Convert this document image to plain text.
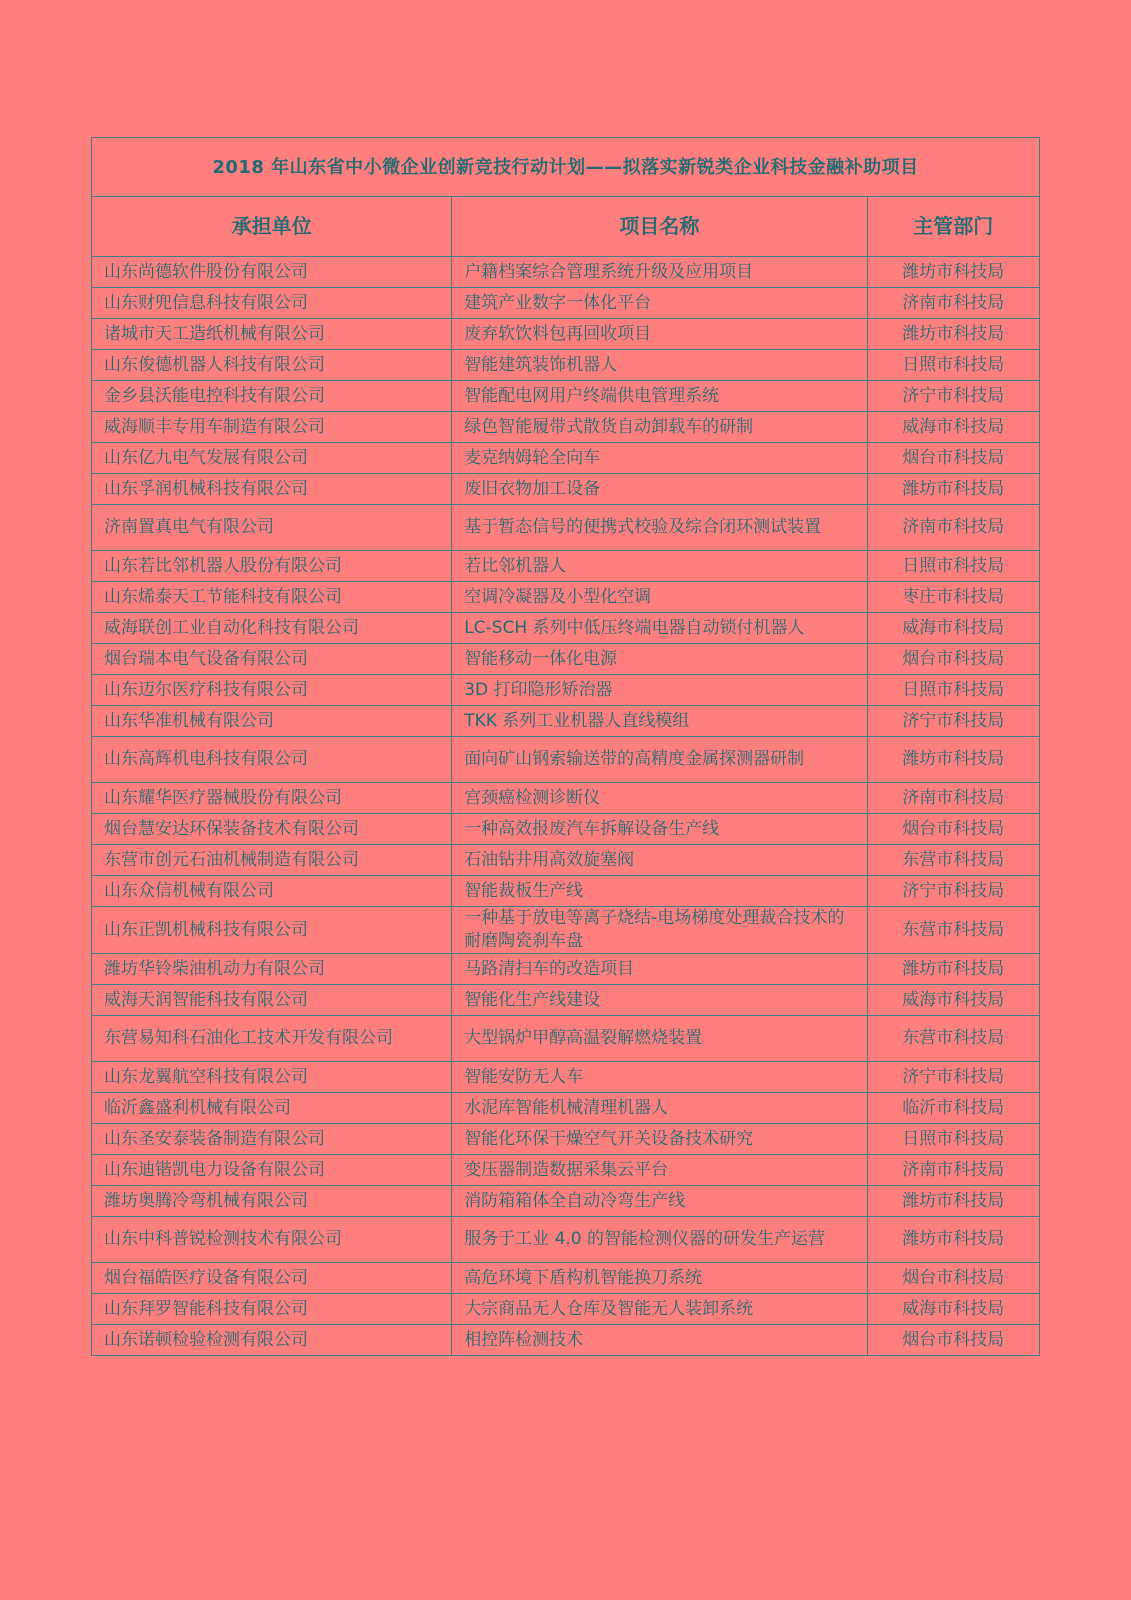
2018 年山东省中小微企业创新竞技行动计划——拟落实新锐类企业科技金融补助项目		
承担单位	项目名称	主管部门
山东尚德软件股份有限公司	户籍档案综合管理系统升级及应用项目	潍坊市科技局
山东财兜信息科技有限公司	建筑产业数字一体化平台	济南市科技局
诸城市天工造纸机械有限公司	废弃软饮料包再回收项目	潍坊市科技局
山东俊德机器人科技有限公司	智能建筑装饰机器人	日照市科技局
金乡县沃能电控科技有限公司	智能配电网用户终端供电管理系统	济宁市科技局
威海顺丰专用车制造有限公司	绿色智能履带式散货自动卸载车的研制	威海市科技局
山东亿九电气发展有限公司	麦克纳姆轮全向车	烟台市科技局
山东孚润机械科技有限公司	废旧衣物加工设备	潍坊市科技局
济南置真电气有限公司	基于暂态信号的便携式校验及综合闭环测试装置	济南市科技局
山东若比邻机器人股份有限公司	若比邻机器人	日照市科技局
山东烯泰天工节能科技有限公司	空调冷凝器及小型化空调	枣庄市科技局
威海联创工业自动化科技有限公司	LC-SCH 系列中低压终端电器自动锁付机器人	威海市科技局
烟台瑞本电气设备有限公司	智能移动一体化电源	烟台市科技局
山东迈尔医疗科技有限公司	3D 打印隐形矫治器	日照市科技局
山东华准机械有限公司	TKK 系列工业机器人直线模组	济宁市科技局
山东高辉机电科技有限公司	面向矿山钢索输送带的高精度金属探测器研制	潍坊市科技局
山东耀华医疗器械股份有限公司	宫颈癌检测诊断仪	济南市科技局
烟台慧安达环保装备技术有限公司	一种高效报废汽车拆解设备生产线	烟台市科技局
东营市创元石油机械制造有限公司	石油钻井用高效旋塞阀	东营市科技局
山东众信机械有限公司	智能裁板生产线	济宁市科技局
山东正凯机械科技有限公司	一种基于放电等离子烧结-电场梯度处理裁合技术的耐磨陶瓷刹车盘	东营市科技局
潍坊华铃柴油机动力有限公司	马路清扫车的改造项目	潍坊市科技局
威海天润智能科技有限公司	智能化生产线建设	威海市科技局
东营易知科石油化工技术开发有限公司	大型锅炉甲醇高温裂解燃烧装置	东营市科技局
山东龙翼航空科技有限公司	智能安防无人车	济宁市科技局
临沂鑫盛利机械有限公司	水泥库智能机械清理机器人	临沂市科技局
山东圣安泰装备制造有限公司	智能化环保干燥空气开关设备技术研究	日照市科技局
山东迪锴凯电力设备有限公司	变压器制造数据采集云平台	济南市科技局
潍坊奥腾冷弯机械有限公司	消防箱箱体全自动冷弯生产线	潍坊市科技局
山东中科普锐检测技术有限公司	服务于工业 4.0 的智能检测仪器的研发生产运营	潍坊市科技局
烟台福皓医疗设备有限公司	高危环境下盾构机智能换刀系统	烟台市科技局
山东拜罗智能科技有限公司	大宗商品无人仓库及智能无人装卸系统	威海市科技局
山东诺顿检验检测有限公司	相控阵检测技术	烟台市科技局
